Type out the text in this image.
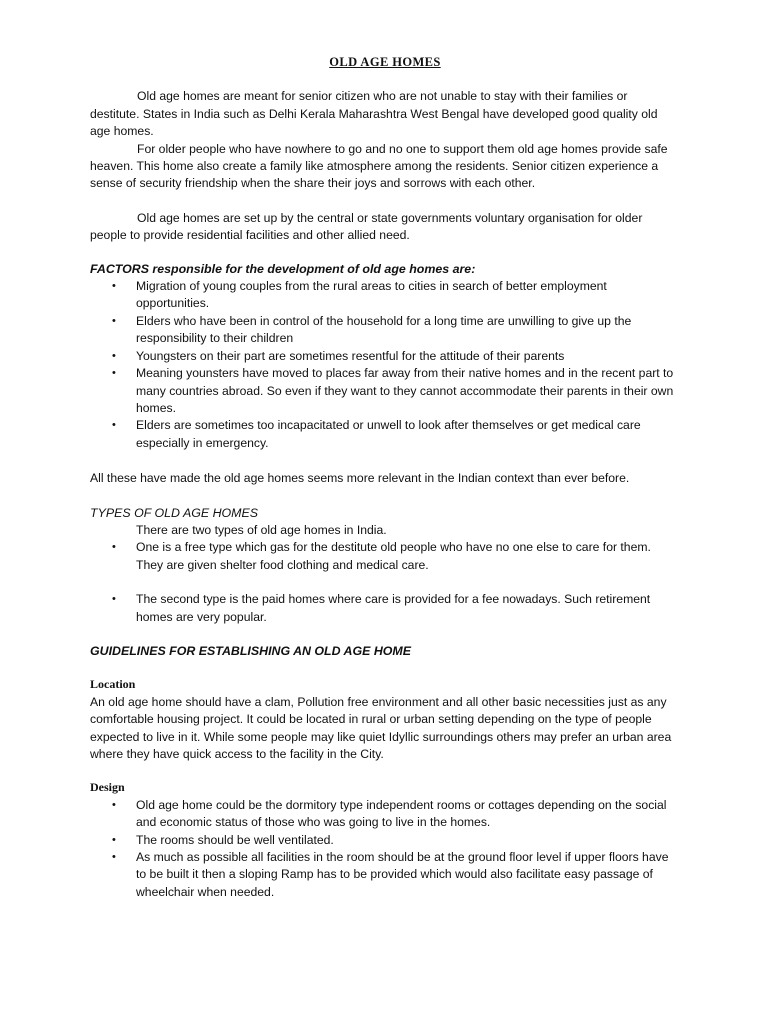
OLD AGE HOMES

Old age homes are meant for senior citizen who are not unable to stay with their families or destitute. States in India such as Delhi Kerala Maharashtra West Bengal have developed good quality old age homes.

For older people who have nowhere to go and no one to support them old age homes provide safe heaven. This home also create a family like atmosphere among the residents. Senior citizen experience a sense of security friendship when the share their joys and sorrows with each other.

Old age homes are set up by the central or state governments voluntary organisation for older people to provide residential facilities and other allied need.

FACTORS responsible for the development of old age homes are:
• Migration of young couples from the rural areas to cities in search of better employment opportunities.
• Elders who have been in control of the household for a long time are unwilling to give up the responsibility to their children
• Youngsters on their part are sometimes resentful for the attitude of their parents
• Meaning younsters have moved to places far away from their native homes and in the recent part to many countries abroad. So even if they want to they cannot accommodate their parents in their own homes.
• Elders are sometimes too incapacitated or unwell to look after themselves or get medical care especially in emergency.

All these have made the old age homes seems more relevant in the Indian context than ever before.

TYPES OF OLD AGE HOMES

There are two types of old age homes in India.

• One is a free type which gas for the destitute old people who have no one else to care for them. They are given shelter food clothing and medical care.
• The second type is the paid homes where care is provided for a fee nowadays. Such retirement homes are very popular.
GUIDELINES FOR ESTABLISHING AN OLD AGE HOME
Location

An old age home should have a clam, Pollution free environment and all other basic necessities just as any comfortable housing project. It could be located in rural or urban setting depending on the type of people expected to live in it. While some people may like quiet Idyllic surroundings others may prefer an urban area where they have quick access to the facility in the City.

Design
• Old age home could be the dormitory type independent rooms or cottages depending on the social and economic status of those who was going to live in the homes.
• The rooms should be well ventilated.
• As much as possible all facilities in the room should be at the ground floor level if upper floors have to be built it then a sloping Ramp has to be provided which would also facilitate easy passage of wheelchair when needed.
